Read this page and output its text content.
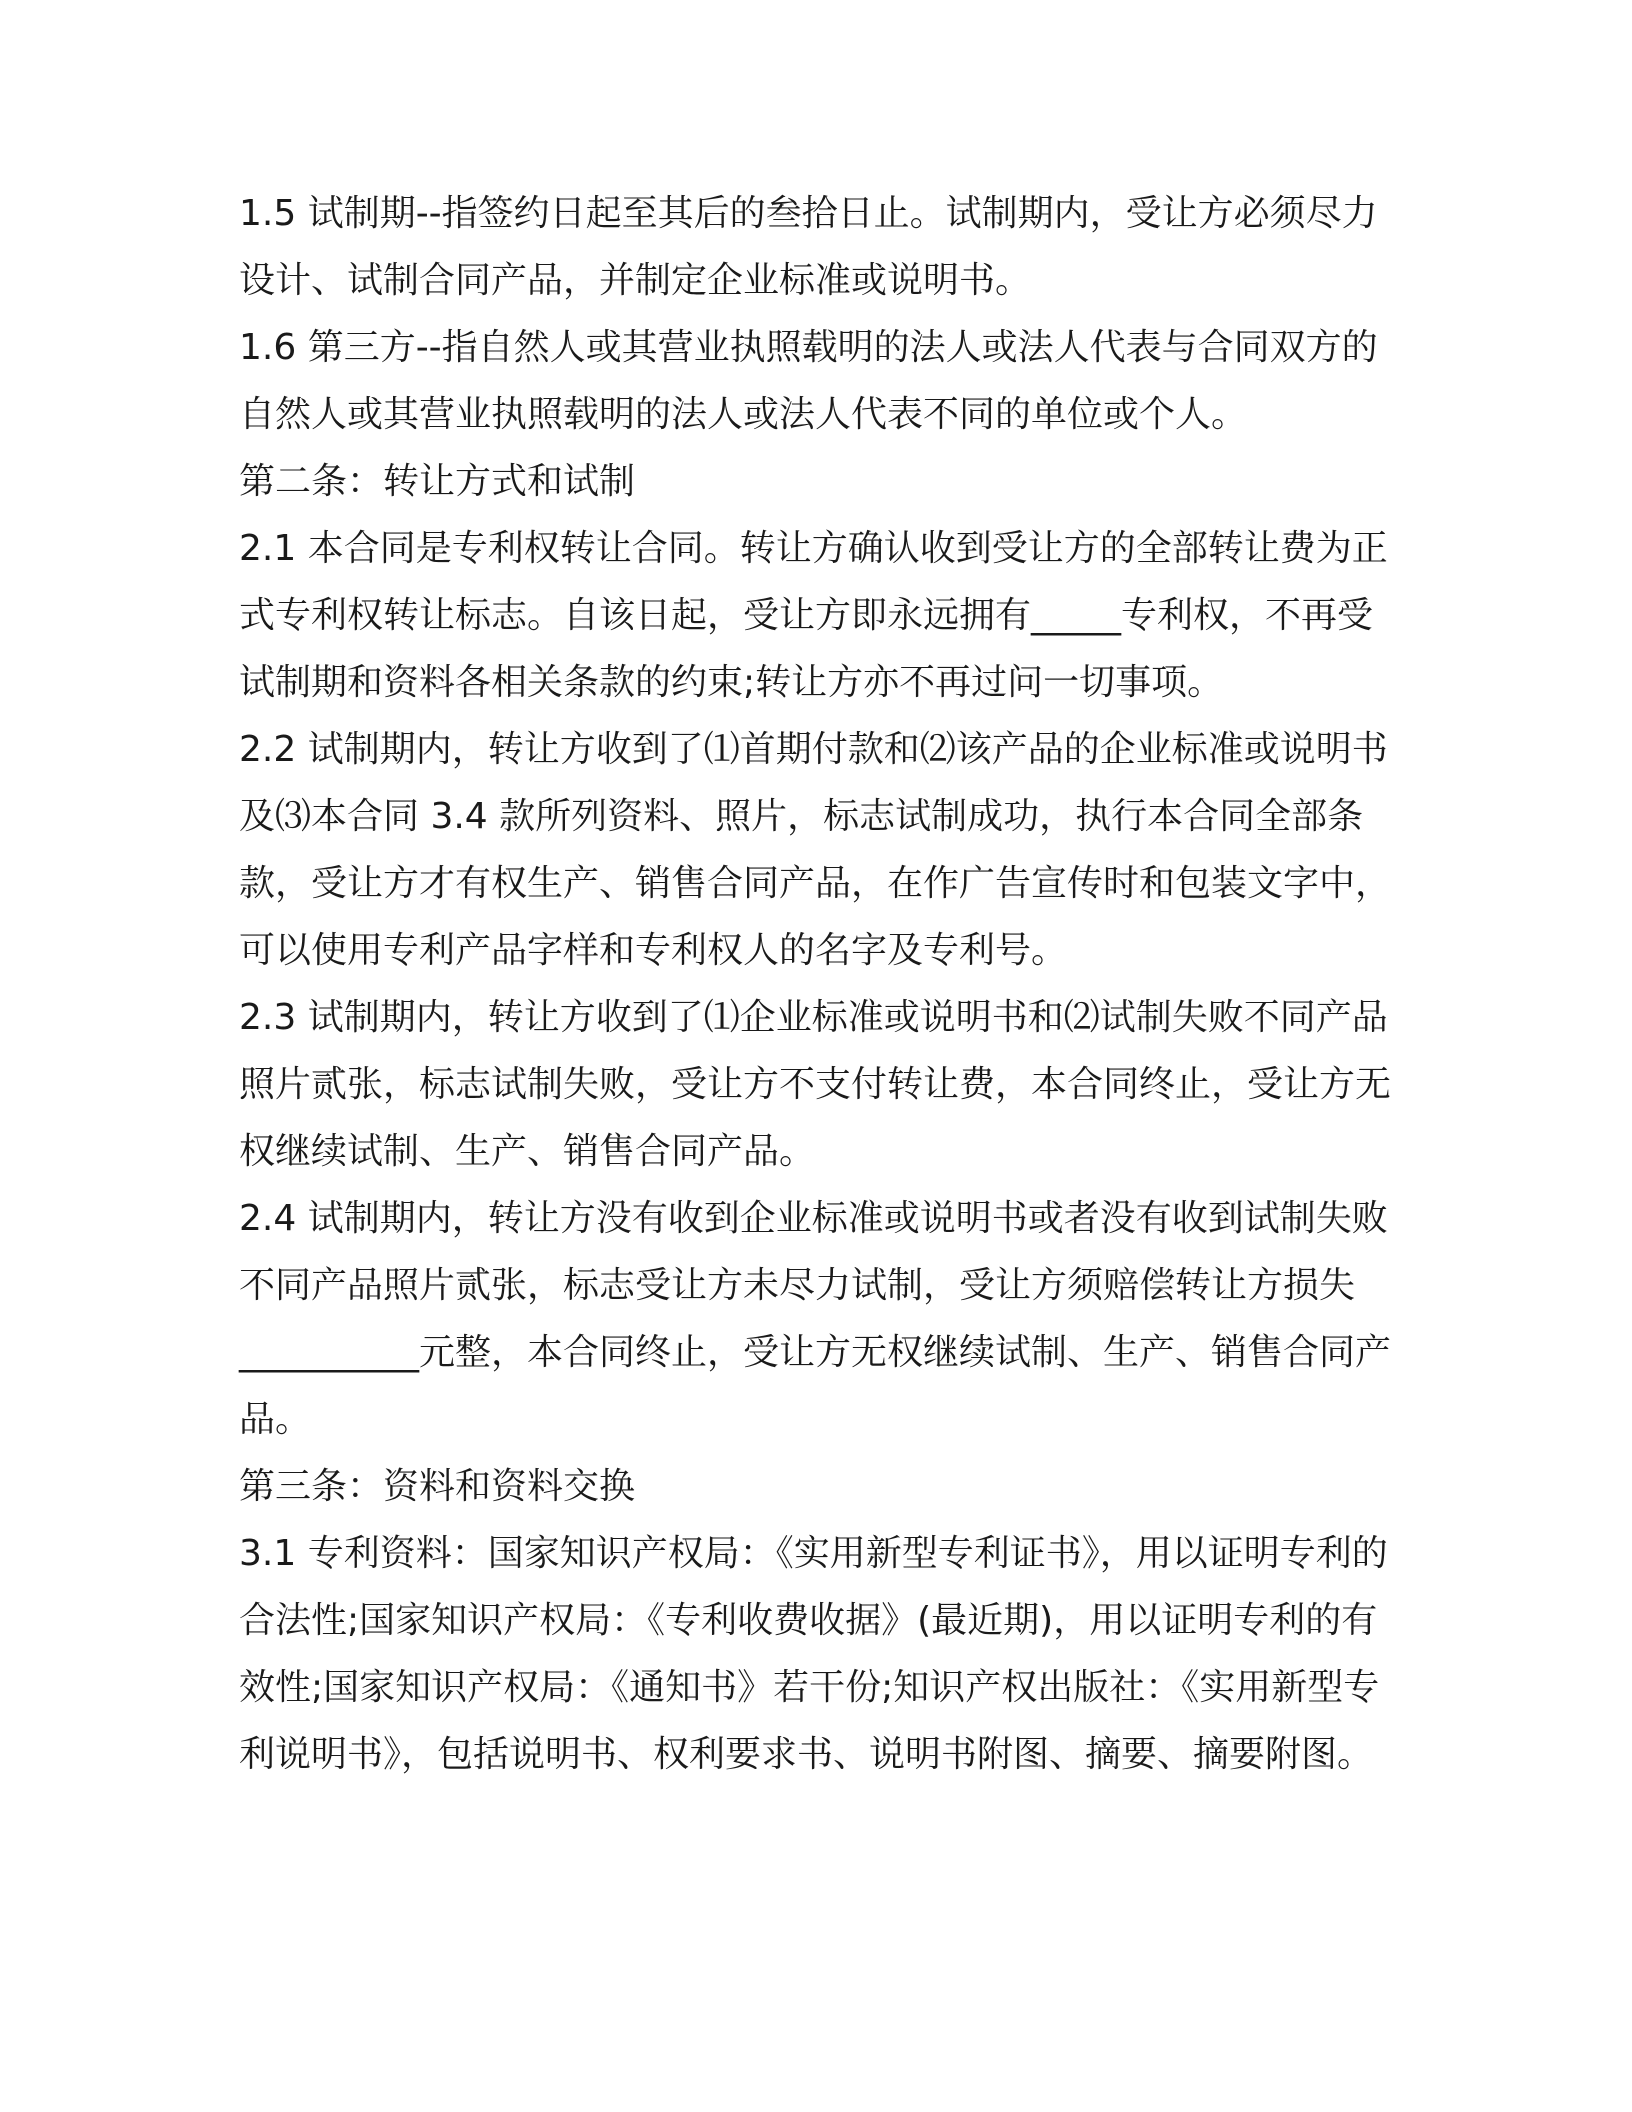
1.5 试制期--指签约日起至其后的叁拾日止。试制期内，受让方必须尽力设计、试制合同产品，并制定企业标准或说明书。

1.6 第三方--指自然人或其营业执照载明的法人或法人代表与合同双方的自然人或其营业执照载明的法人或法人代表不同的单位或个人。

第二条：转让方式和试制

2.1 本合同是专利权转让合同。转让方确认收到受让方的全部转让费为正式专利权转让标志。自该日起，受让方即永远拥有_____专利权，不再受试制期和资料各相关条款的约束;转让方亦不再过问一切事项。

2.2 试制期内，转让方收到了⑴首期付款和⑵该产品的企业标准或说明书及⑶本合同 3.4 款所列资料、照片，标志试制成功，执行本合同全部条款，受让方才有权生产、销售合同产品，在作广告宣传时和包装文字中，可以使用专利产品字样和专利权人的名字及专利号。

2.3 试制期内，转让方收到了⑴企业标准或说明书和⑵试制失败不同产品照片贰张，标志试制失败，受让方不支付转让费，本合同终止，受让方无权继续试制、生产、销售合同产品。

2.4 试制期内，转让方没有收到企业标准或说明书或者没有收到试制失败不同产品照片贰张，标志受让方未尽力试制，受让方须赔偿转让方损失__________元整，本合同终止，受让方无权继续试制、生产、销售合同产品。

第三条：资料和资料交换

3.1 专利资料：国家知识产权局：《实用新型专利证书》，用以证明专利的合法性;国家知识产权局：《专利收费收据》(最近期)，用以证明专利的有效性;国家知识产权局：《通知书》若干份;知识产权出版社：《实用新型专利说明书》，包括说明书、权利要求书、说明书附图、摘要、摘要附图。
